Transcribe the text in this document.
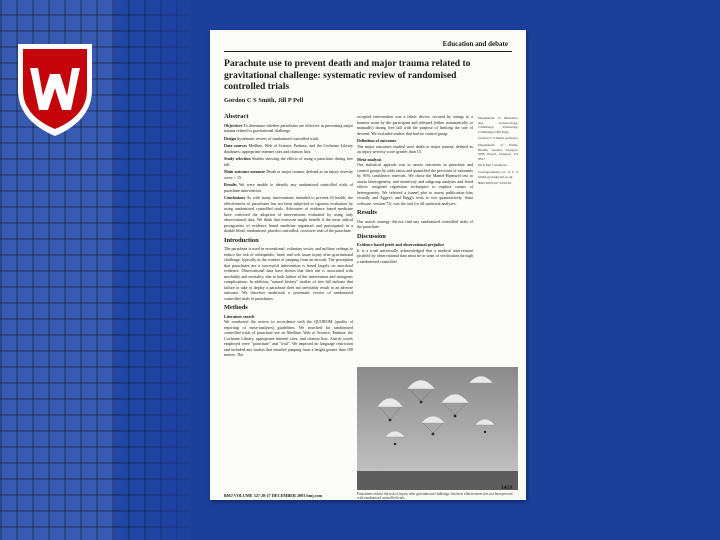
Education and debate
Parachute use to prevent death and major trauma related to gravitational challenge: systematic review of randomised controlled trials
Gordon C S Smith, Jill P Pell
Abstract

Objectives To determine whether parachutes are effective in preventing major trauma related to gravitational challenge.

Design Systematic review of randomised controlled trials.

Data sources Medline, Web of Science, Embase, and the Cochrane Library databases; appropriate internet sites and citation lists.

Study selection Studies showing the effects of using a parachute during free fall.

Main outcome measure Death or major trauma, defined as an injury severity score > 15.

Results We were unable to identify any randomised controlled trials of parachute intervention.

Conclusions As with many interventions intended to prevent ill health, the effectiveness of parachutes has not been subjected to rigorous evaluation by using randomised controlled trials. Advocates of evidence based medicine have criticised the adoption of interventions evaluated by using only observational data. We think that everyone might benefit if the most radical protagonists of evidence based medicine organised and participated in a double blind, randomised, placebo controlled, crossover trial of the parachute.

Introduction

The parachute is used in recreational, voluntary sector, and military settings to reduce the risk of orthopaedic, head, and soft tissue injury after gravitational challenge, typically in the context of jumping from an aircraft. The perception that parachutes are a successful intervention is based largely on anecdotal evidence. Observational data have shown that their use is associated with morbidity and mortality, due to both failure of the intervention and iatrogenic complications. In addition, "natural history" studies of free fall indicate that failure to take or deploy a parachute does not inevitably result in an adverse outcome. We therefore undertook a systematic review of randomised controlled trials of parachutes.

Methods
Literature search

We conducted the review in accordance with the QUOROM (quality of reporting of meta-analyses) guidelines. We searched for randomised controlled trials of parachute use on Medline, Web of Science, Embase, the Cochrane Library, appropriate internet sites, and citation lists. Search words employed were "parachute" and "trial". We imposed no language restriction and included any studies that entailed jumping from a height greater than 100 metres. The

accepted intervention was a fabric device, secured by strings to a harness worn by the participant and released (either automatically or manually) during free fall with the purpose of limiting the rate of descent. We excluded studies that had no control group.

Definition of outcomes

The major outcomes studied were death or major trauma, defined as an injury severity score greater than 15.

Meta-analysis

Our statistical apprach was to assess outcomes in parachute and control groups by odds ratios and quantified the precision of estimates by 95% confidence intervals. We chose the Mantel-Haenszel test to assess heterogeneity, and sensitivity and subgroup analyses and fixed effects weighted regression techniques to explore causes of heterogeneity. We selected a funnel plot to assess publication bias visually and Egger's and Begg's tests to test quantitatively. Stata software, version 7.0, was the tool for all statistical analyses.

Results

Our search strategy did not find any randomised controlled trials of the parachute.

Discussion
Evidence based pride and observational prejudice

It is a truth universally acknowledged that a medical intervention justified by observational data must be in want of verification through a randomised controlled

Department of Obstetrics and Gynaecology, Cambridge University, Cambridge CB2 2QQ

Gordon C S Smith professor

Department of Public Health, Greater Glasgow NHS Board, Glasgow G3 8YU

Jill P Pell consultant

Correspondence to: G C S Smith gcss2@cam.ac.uk

BMJ 2003;327:1459-61

Parachutes reduce the risk of injury after gravitational challenge, but their effectiveness has not been proved with randomised controlled trials
BMJ VOLUME 327 20-27 DECEMBER 2003 bmj.com
1459
